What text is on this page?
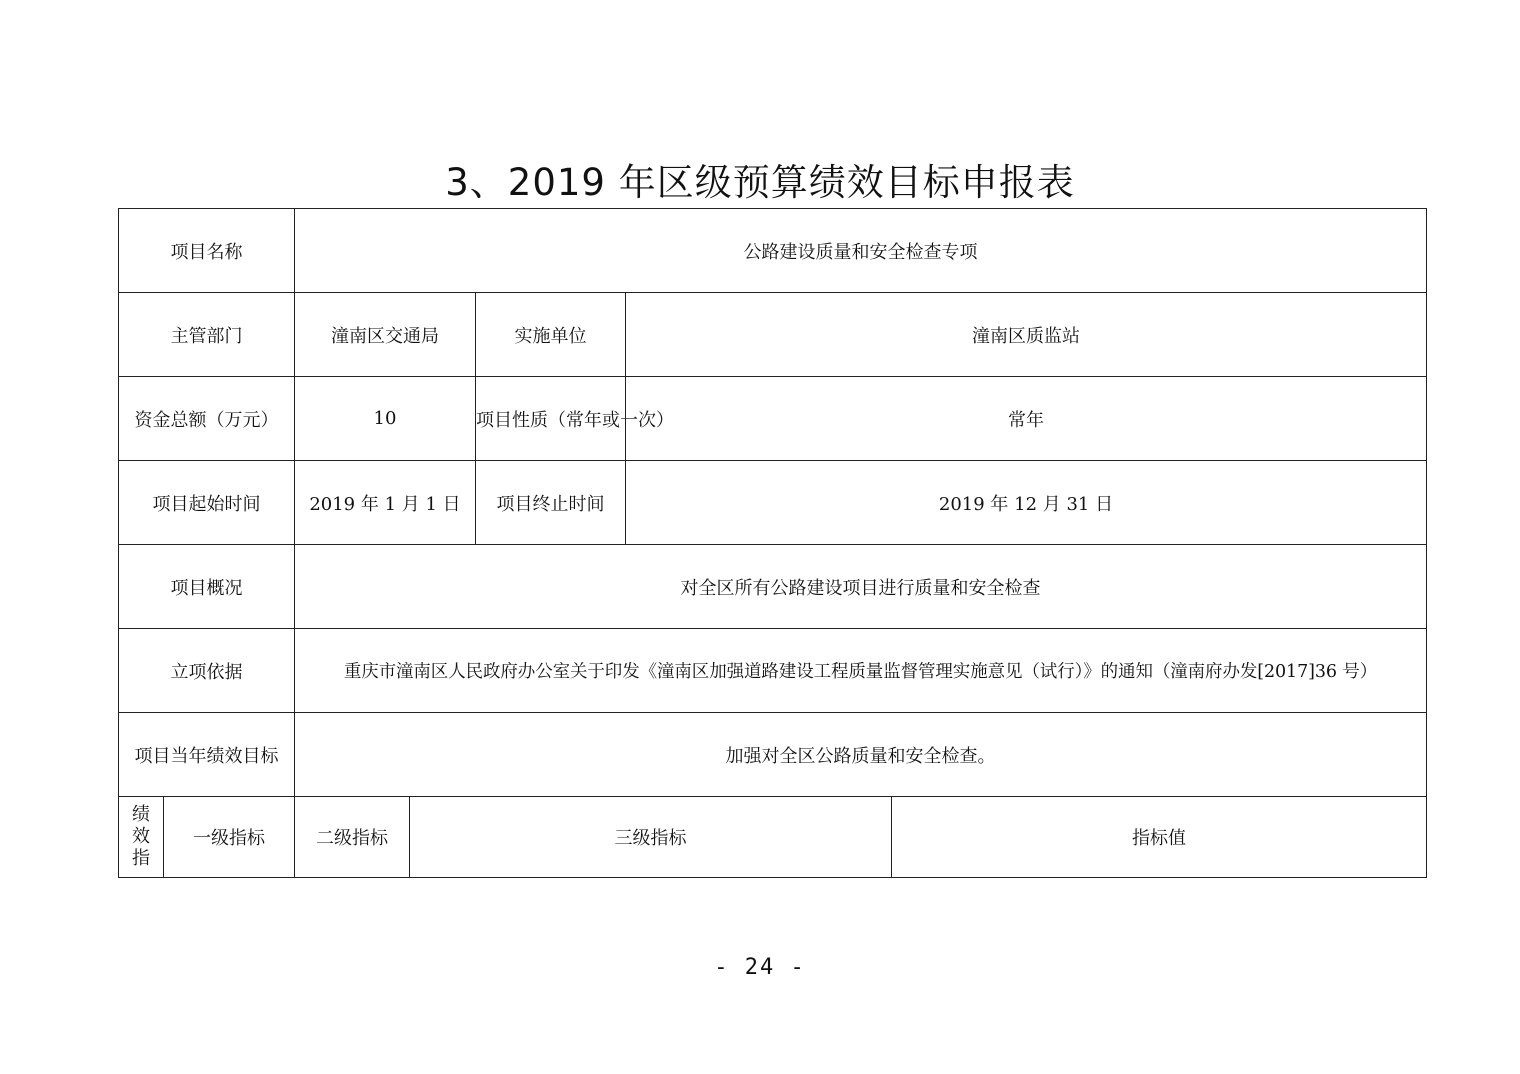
3、2019 年区级预算绩效目标申报表
项目名称		公路建设质量和安全检查专项				
主管部门		潼南区交通局		实施单位	潼南区质监站	
资金总额（万元）		10		项目性质（常年或一次）	常年	
项目起始时间		2019 年 1 月 1 日		项目终止时间	2019 年 12 月 31 日	
项目概况		对全区所有公路建设项目进行质量和安全检查				
立项依据		重庆市潼南区人民政府办公室关于印发《潼南区加强道路建设工程质量监督管理实施意见（试行）》的通知（潼南府办发[2017]36 号）				
项目当年绩效目标		加强对全区公路质量和安全检查。				
绩效指	一级指标	二级指标	三级指标			指标值
- 24 -
